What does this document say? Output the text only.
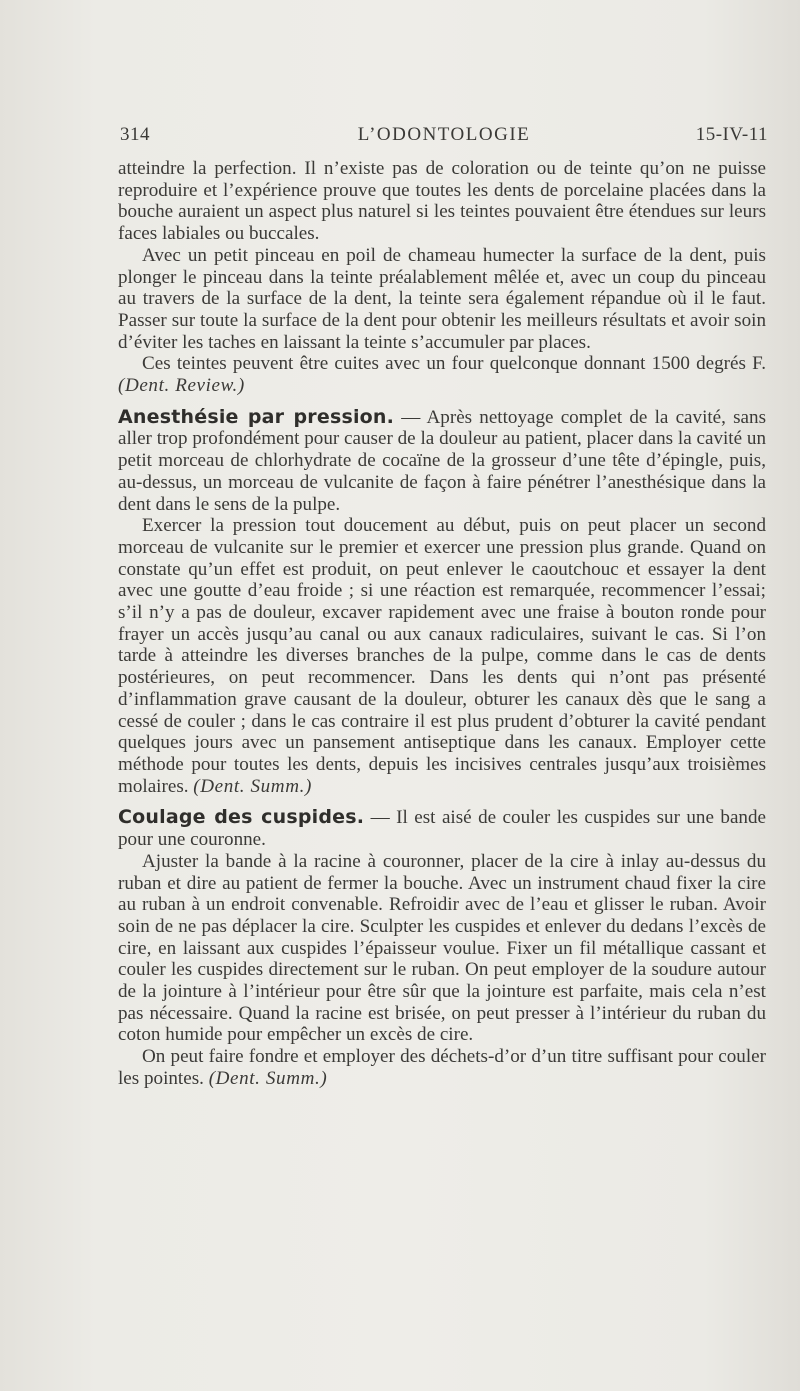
314	L’ODONTOLOGIE	15-IV-11

atteindre la perfection. Il n’existe pas de coloration ou de teinte qu’on ne puisse reproduire et l’expérience prouve que toutes les dents de porcelaine placées dans la bouche auraient un aspect plus naturel si les teintes pouvaient être étendues sur leurs faces labiales ou buccales.

Avec un petit pinceau en poil de chameau humecter la surface de la dent, puis plonger le pinceau dans la teinte préalablement mêlée et, avec un coup du pinceau au travers de la surface de la dent, la teinte sera également répandue où il le faut. Passer sur toute la surface de la dent pour obtenir les meilleurs résultats et avoir soin d’éviter les taches en laissant la teinte s’accumuler par places.

Ces teintes peuvent être cuites avec un four quelconque donnant 1500 degrés F. (Dent. Review.)

Anesthésie par pression. — Après nettoyage complet de la cavité, sans aller trop profondément pour causer de la douleur au patient, placer dans la cavité un petit morceau de chlorhydrate de cocaïne de la grosseur d’une tête d’épingle, puis, au-dessus, un morceau de vulcanite de façon à faire pénétrer l’anesthésique dans la dent dans le sens de la pulpe.

Exercer la pression tout doucement au début, puis on peut placer un second morceau de vulcanite sur le premier et exercer une pression plus grande. Quand on constate qu’un effet est produit, on peut enlever le caoutchouc et essayer la dent avec une goutte d’eau froide ; si une réaction est remarquée, recommencer l’essai; s’il n’y a pas de douleur, excaver rapidement avec une fraise à bouton ronde pour frayer un accès jusqu’au canal ou aux canaux radiculaires, suivant le cas. Si l’on tarde à atteindre les diverses branches de la pulpe, comme dans le cas de dents postérieures, on peut recommencer. Dans les dents qui n’ont pas présenté d’inflammation grave causant de la douleur, obturer les canaux dès que le sang a cessé de couler ; dans le cas contraire il est plus prudent d’obturer la cavité pendant quelques jours avec un pansement antiseptique dans les canaux. Employer cette méthode pour toutes les dents, depuis les incisives centrales jusqu’aux troisièmes molaires. (Dent. Summ.)

Coulage des cuspides. — Il est aisé de couler les cuspides sur une bande pour une couronne.

Ajuster la bande à la racine à couronner, placer de la cire à inlay au-dessus du ruban et dire au patient de fermer la bouche. Avec un instrument chaud fixer la cire au ruban à un endroit convenable. Refroidir avec de l’eau et glisser le ruban. Avoir soin de ne pas déplacer la cire. Sculpter les cuspides et enlever du dedans l’excès de cire, en laissant aux cuspides l’épaisseur voulue. Fixer un fil métallique cassant et couler les cuspides directement sur le ruban. On peut employer de la soudure autour de la jointure à l’intérieur pour être sûr que la jointure est parfaite, mais cela n’est pas nécessaire. Quand la racine est brisée, on peut presser à l’intérieur du ruban du coton humide pour empêcher un excès de cire.

On peut faire fondre et employer des déchets-d’or d’un titre suffisant pour couler les pointes. (Dent. Summ.)
